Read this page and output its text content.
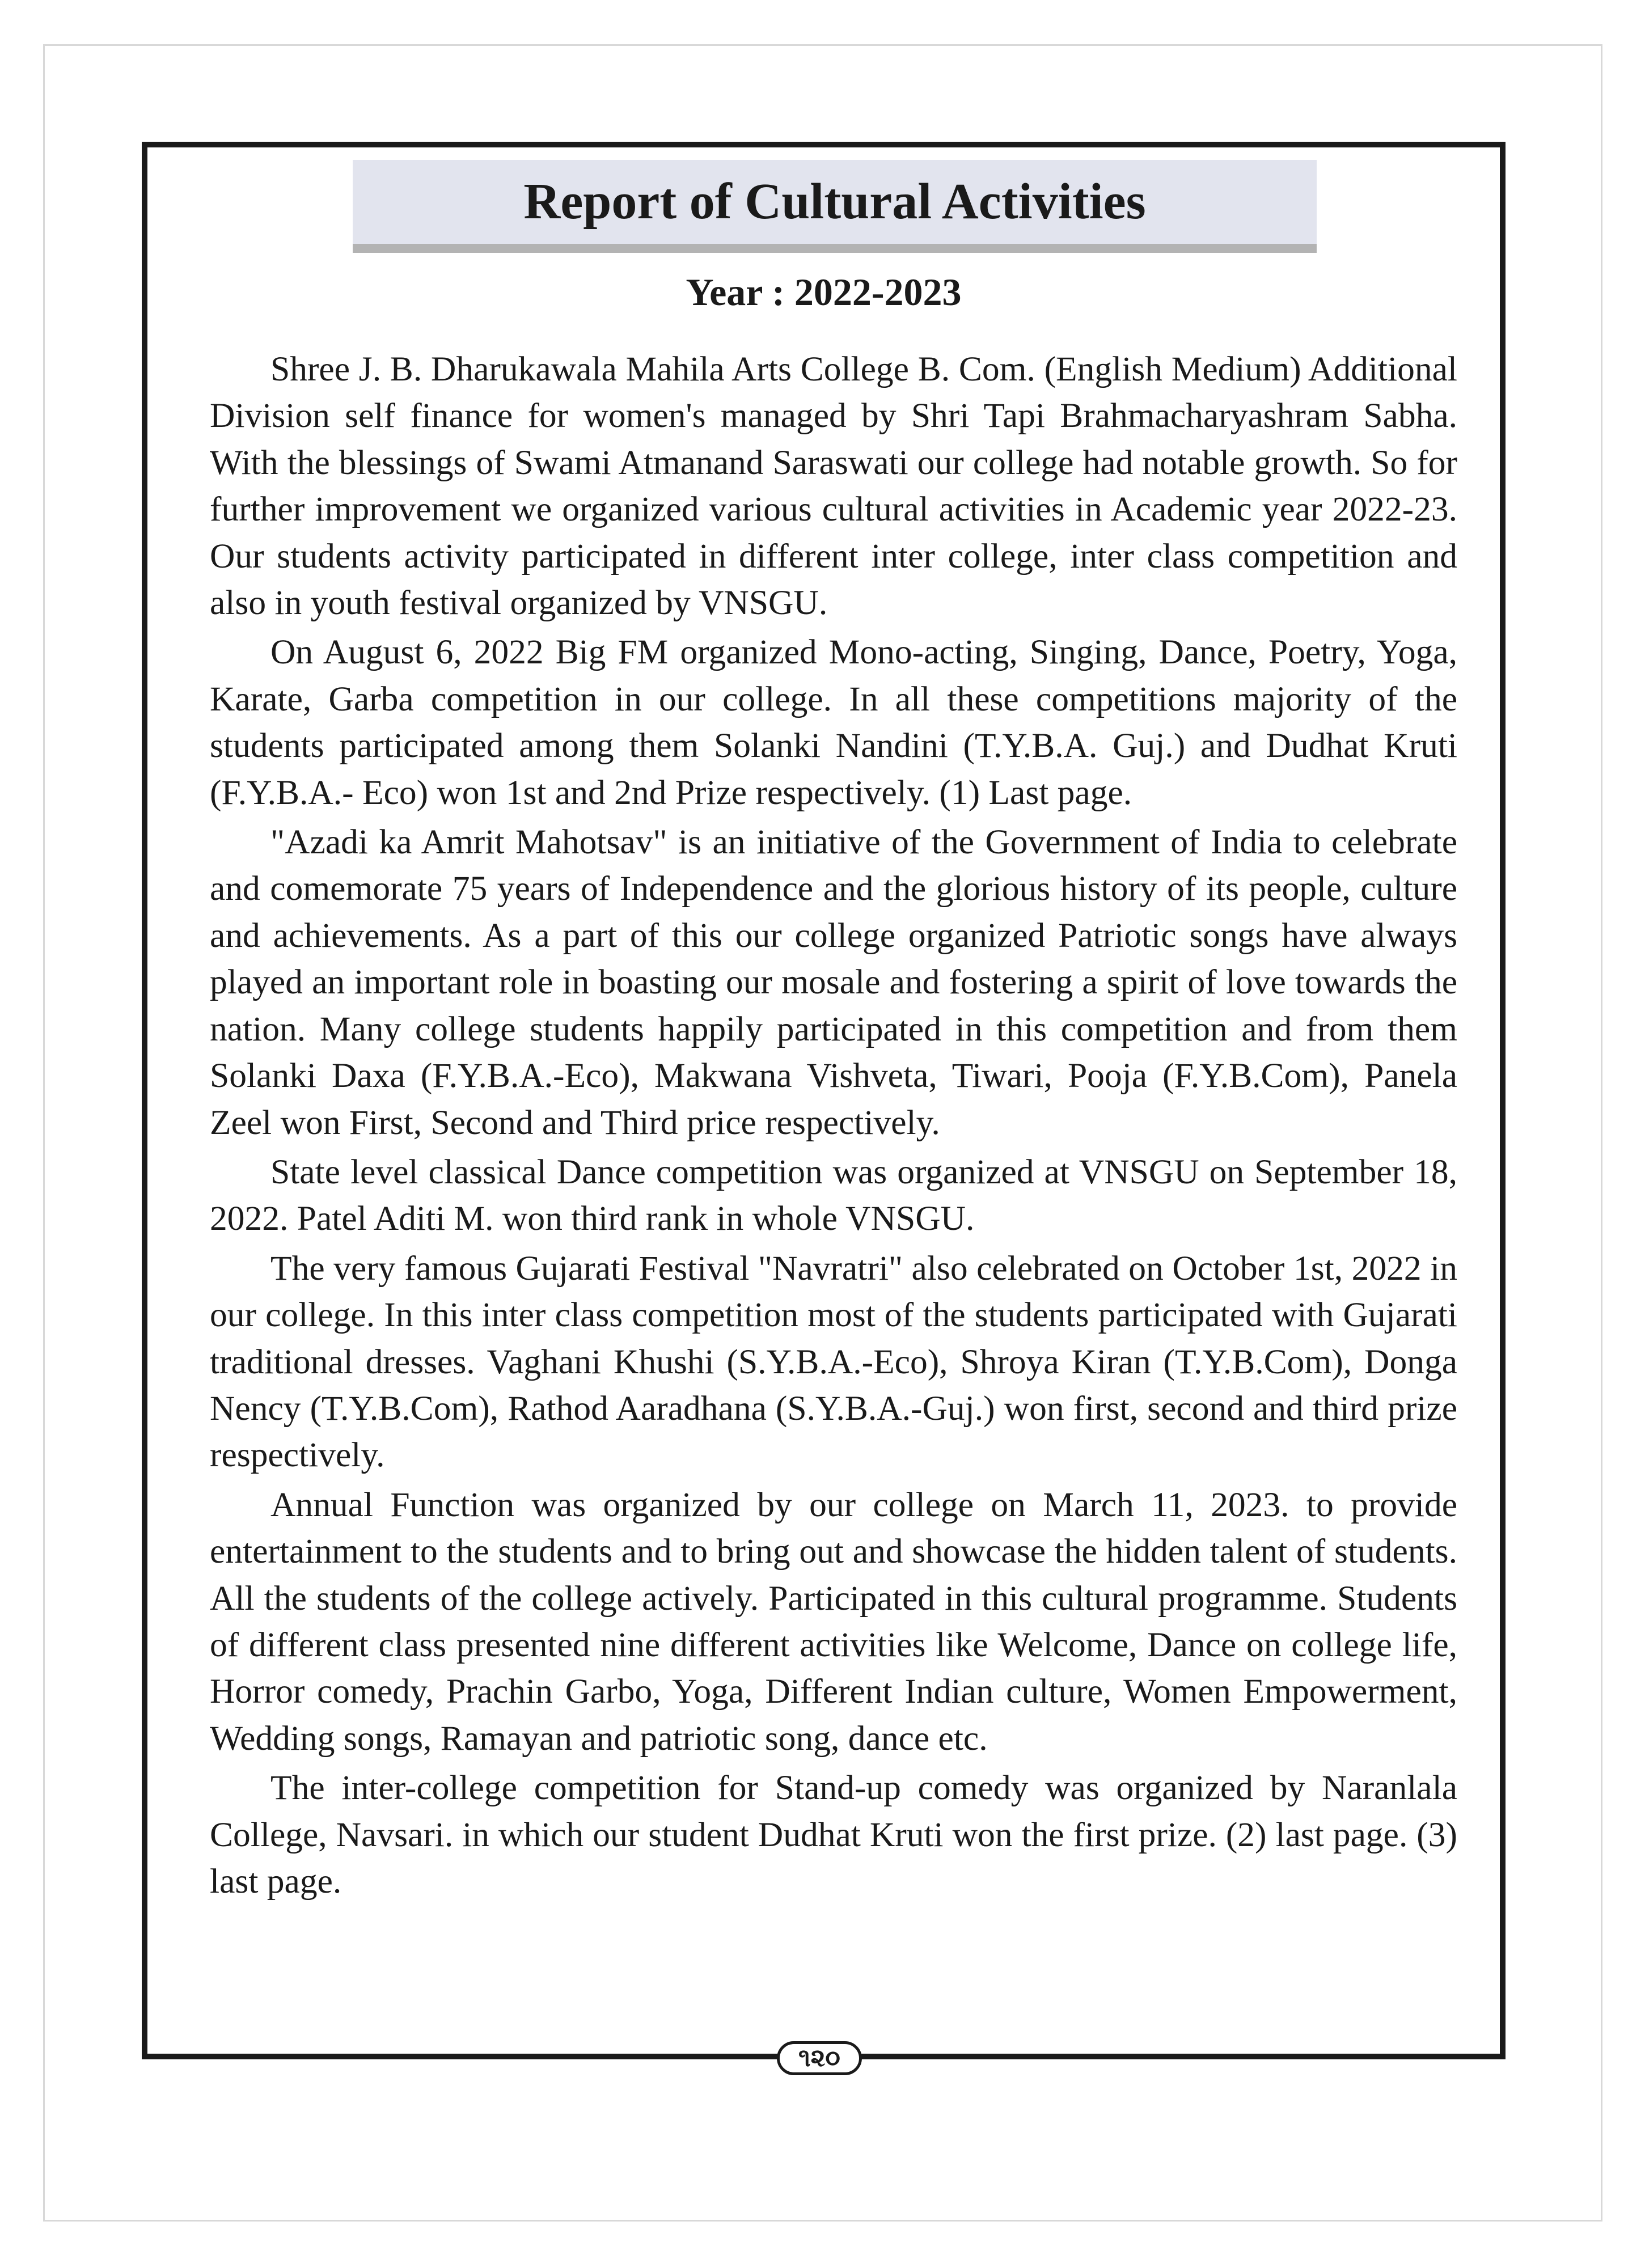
Report of Cultural Activities
Year : 2022-2023

Shree J. B. Dharukawala Mahila Arts College B. Com. (English Medium) Additional Division self finance for women's managed by Shri Tapi Brahmacharyashram Sabha. With the blessings of Swami Atmanand Saraswati our college had notable growth. So for further improvement we organized various cultural activities in Academic year 2022-23. Our students activity participated in different inter college, inter class competition and also in youth festival organized by VNSGU.

On August 6, 2022 Big FM organized Mono-acting, Singing, Dance, Poetry, Yoga, Karate, Garba competition in our college. In all these competitions majority of the students participated among them Solanki Nandini (T.Y.B.A. Guj.) and Dudhat Kruti (F.Y.B.A.- Eco) won 1st and 2nd Prize respectively. (1) Last page.

"Azadi ka Amrit Mahotsav" is an initiative of the Government of India to celebrate and comemorate 75 years of Independence and the glorious history of its people, culture and achievements. As a part of this our college organized Patriotic songs have always played an important role in boasting our mosale and fostering a spirit of love towards the nation. Many college students happily participated in this competition and from them Solanki Daxa (F.Y.B.A.-Eco), Makwana Vishveta, Tiwari, Pooja (F.Y.B.Com), Panela Zeel won First, Second and Third price respectively.

State level classical Dance competition was organized at VNSGU on September 18, 2022. Patel Aditi M. won third rank in whole VNSGU.

The very famous Gujarati Festival "Navratri" also celebrated on October 1st, 2022 in our college. In this inter class competition most of the students participated with Gujarati traditional dresses. Vaghani Khushi (S.Y.B.A.-Eco), Shroya Kiran (T.Y.B.Com), Donga Nency (T.Y.B.Com), Rathod Aaradhana (S.Y.B.A.-Guj.) won first, second and third prize respectively.

Annual Function was organized by our college on March 11, 2023. to provide entertainment to the students and to bring out and showcase the hidden talent of students. All the students of the college actively. Participated in this cultural programme. Students of different class presented nine different activities like Welcome, Dance on college life, Horror comedy, Prachin Garbo, Yoga, Different Indian culture, Women Empowerment, Wedding songs, Ramayan and patriotic song, dance etc.

The inter-college competition for Stand-up comedy was organized by Naranlala College, Navsari. in which our student Dudhat Kruti won the first prize. (2) last page. (3) last page.

૧૨૦
